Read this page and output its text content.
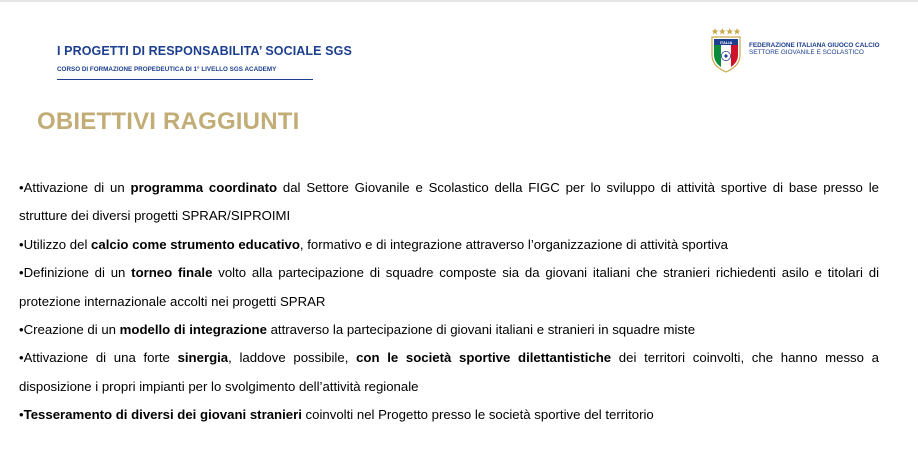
I PROGETTI DI RESPONSABILITA’ SOCIALE SGS
CORSO DI FORMAZIONE PROPEDEUTICA DI 1° LIVELLO SGS ACADEMY
ITALIA	FEDERAZIONE ITALIANA GIUOCO CALCIO
SETTORE GIOVANILE E SCOLASTICO
OBIETTIVI RAGGIUNTI

•Attivazione di un programma coordinato dal Settore Giovanile e Scolastico della FIGC per lo sviluppo di attività sportive di base presso le strutture dei diversi progetti SPRAR/SIPROIMI

•Utilizzo del calcio come strumento educativo, formativo e di integrazione attraverso l’organizzazione di attività sportiva

•Definizione di un torneo finale volto alla partecipazione di squadre composte sia da giovani italiani che stranieri richiedenti asilo e titolari di protezione internazionale accolti nei progetti SPRAR

•Creazione di un modello di integrazione attraverso la partecipazione di giovani italiani e stranieri in squadre miste

•Attivazione di una forte sinergia, laddove possibile, con le società sportive dilettantistiche dei territori coinvolti, che hanno messo a disposizione i propri impianti per lo svolgimento dell’attività regionale

•Tesseramento di diversi dei giovani stranieri coinvolti nel Progetto presso le società sportive del territorio
